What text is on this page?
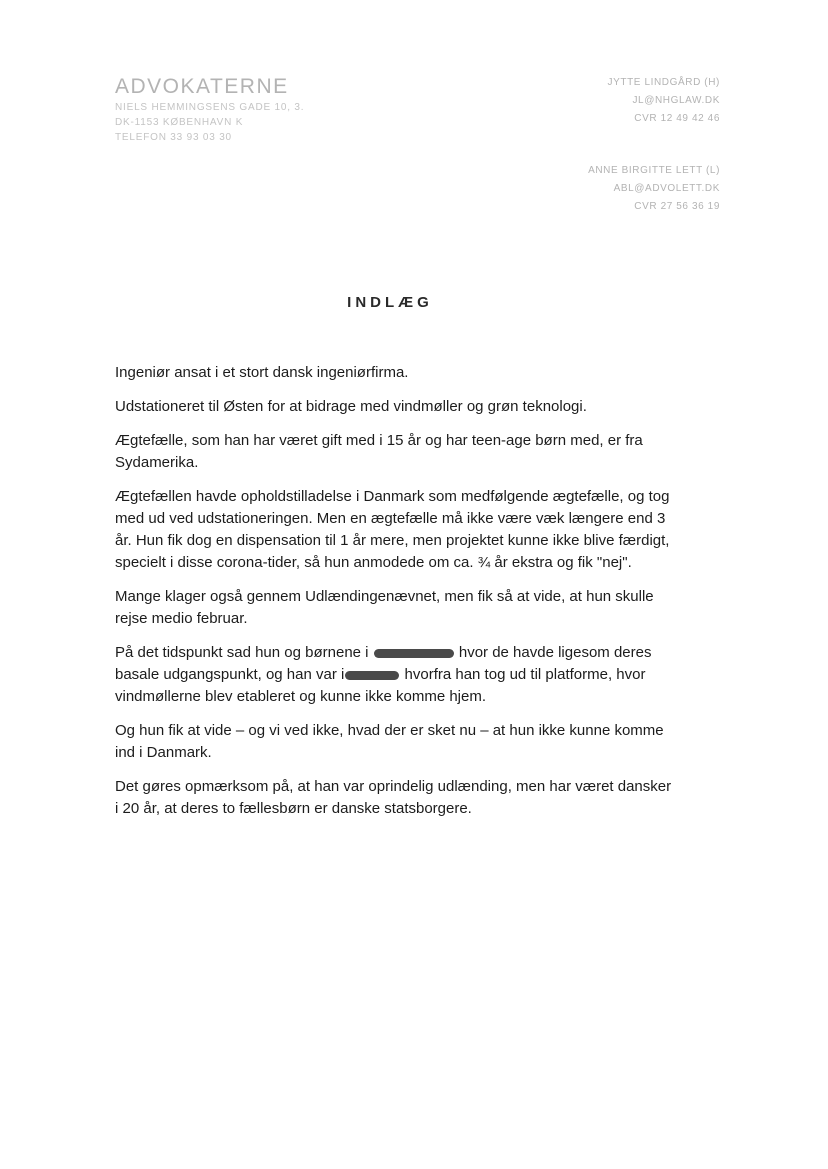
ADVOKATERNE
NIELS HEMMINGSENS GADE 10, 3.
DK-1153 KØBENHAVN K
TELEFON 33 93 03 30
JYTTE LINDGÅRD (H)
JL@NHGLAW.DK
CVR 12 49 42 46
ANNE BIRGITTE LETT (L)
ABL@ADVOLETT.DK
CVR 27 56 36 19
INDLÆG

Ingeniør ansat i et stort dansk ingeniørfirma.

Udstationeret til Østen for at bidrage med vindmøller og grøn teknologi.

Ægtefælle, som han har været gift med i 15 år og har teen-age børn med, er fra Sydamerika.

Ægtefællen havde opholdstilladelse i Danmark som medfølgende ægtefælle, og tog med ud ved udstationeringen. Men en ægtefælle må ikke være væk længere end 3 år. Hun fik dog en dispensation til 1 år mere, men projektet kunne ikke blive færdigt, specielt i disse corona-tider, så hun anmodede om ca. ¾ år ekstra og fik "nej".

Mange klager også gennem Udlændingenævnet, men fik så at vide, at hun skulle rejse medio februar.

På det tidspunkt sad hun og børnene i	hvor de havde ligesom deres basale udgangspunkt, og han var i	hvorfra han tog ud til platforme, hvor vindmøllerne blev etableret og kunne ikke komme hjem.

Og hun fik at vide – og vi ved ikke, hvad der er sket nu – at hun ikke kunne komme ind i Danmark.

Det gøres opmærksom på, at han var oprindelig udlænding, men har været dansker i 20 år, at deres to fællesbørn er danske statsborgere.
